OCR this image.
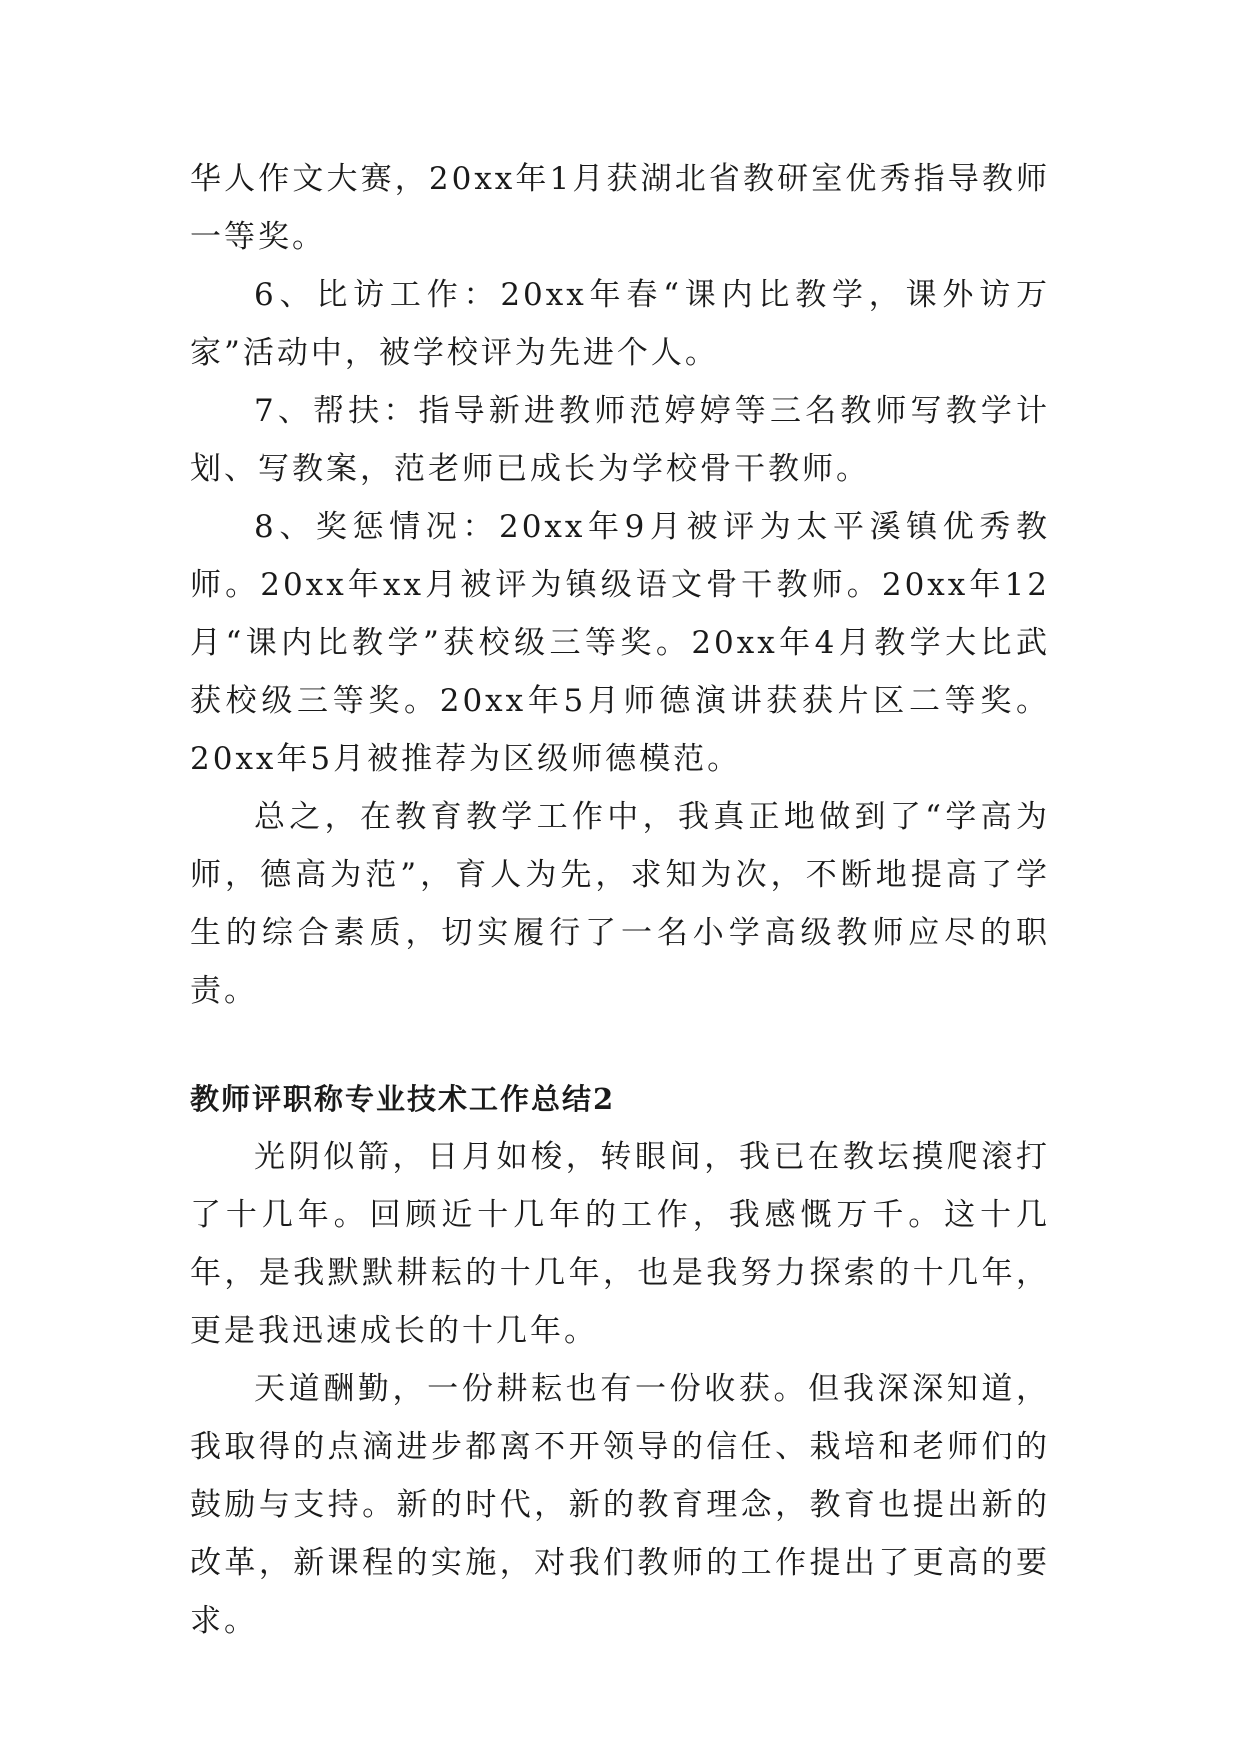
华人作文大赛，20xx年1月获湖北省教研室优秀指导教师一等奖。

6、比访工作：20xx年春“课内比教学，课外访万家”活动中，被学校评为先进个人。

7、帮扶：指导新进教师范婷婷等三名教师写教学计划、写教案，范老师已成长为学校骨干教师。

8、奖惩情况：20xx年9月被评为太平溪镇优秀教师。20xx年xx月被评为镇级语文骨干教师。20xx年12月“课内比教学”获校级三等奖。20xx年4月教学大比武获校级三等奖。20xx年5月师德演讲获获片区二等奖。20xx年5月被推荐为区级师德模范。

总之，在教育教学工作中，我真正地做到了“学高为师，德高为范”，育人为先，求知为次，不断地提高了学生的综合素质，切实履行了一名小学高级教师应尽的职责。

教师评职称专业技术工作总结2

光阴似箭，日月如梭，转眼间，我已在教坛摸爬滚打了十几年。回顾近十几年的工作，我感慨万千。这十几年，是我默默耕耘的十几年，也是我努力探索的十几年，更是我迅速成长的十几年。

天道酬勤，一份耕耘也有一份收获。但我深深知道，我取得的点滴进步都离不开领导的信任、栽培和老师们的鼓励与支持。新的时代，新的教育理念，教育也提出新的改革，新课程的实施，对我们教师的工作提出了更高的要求。
